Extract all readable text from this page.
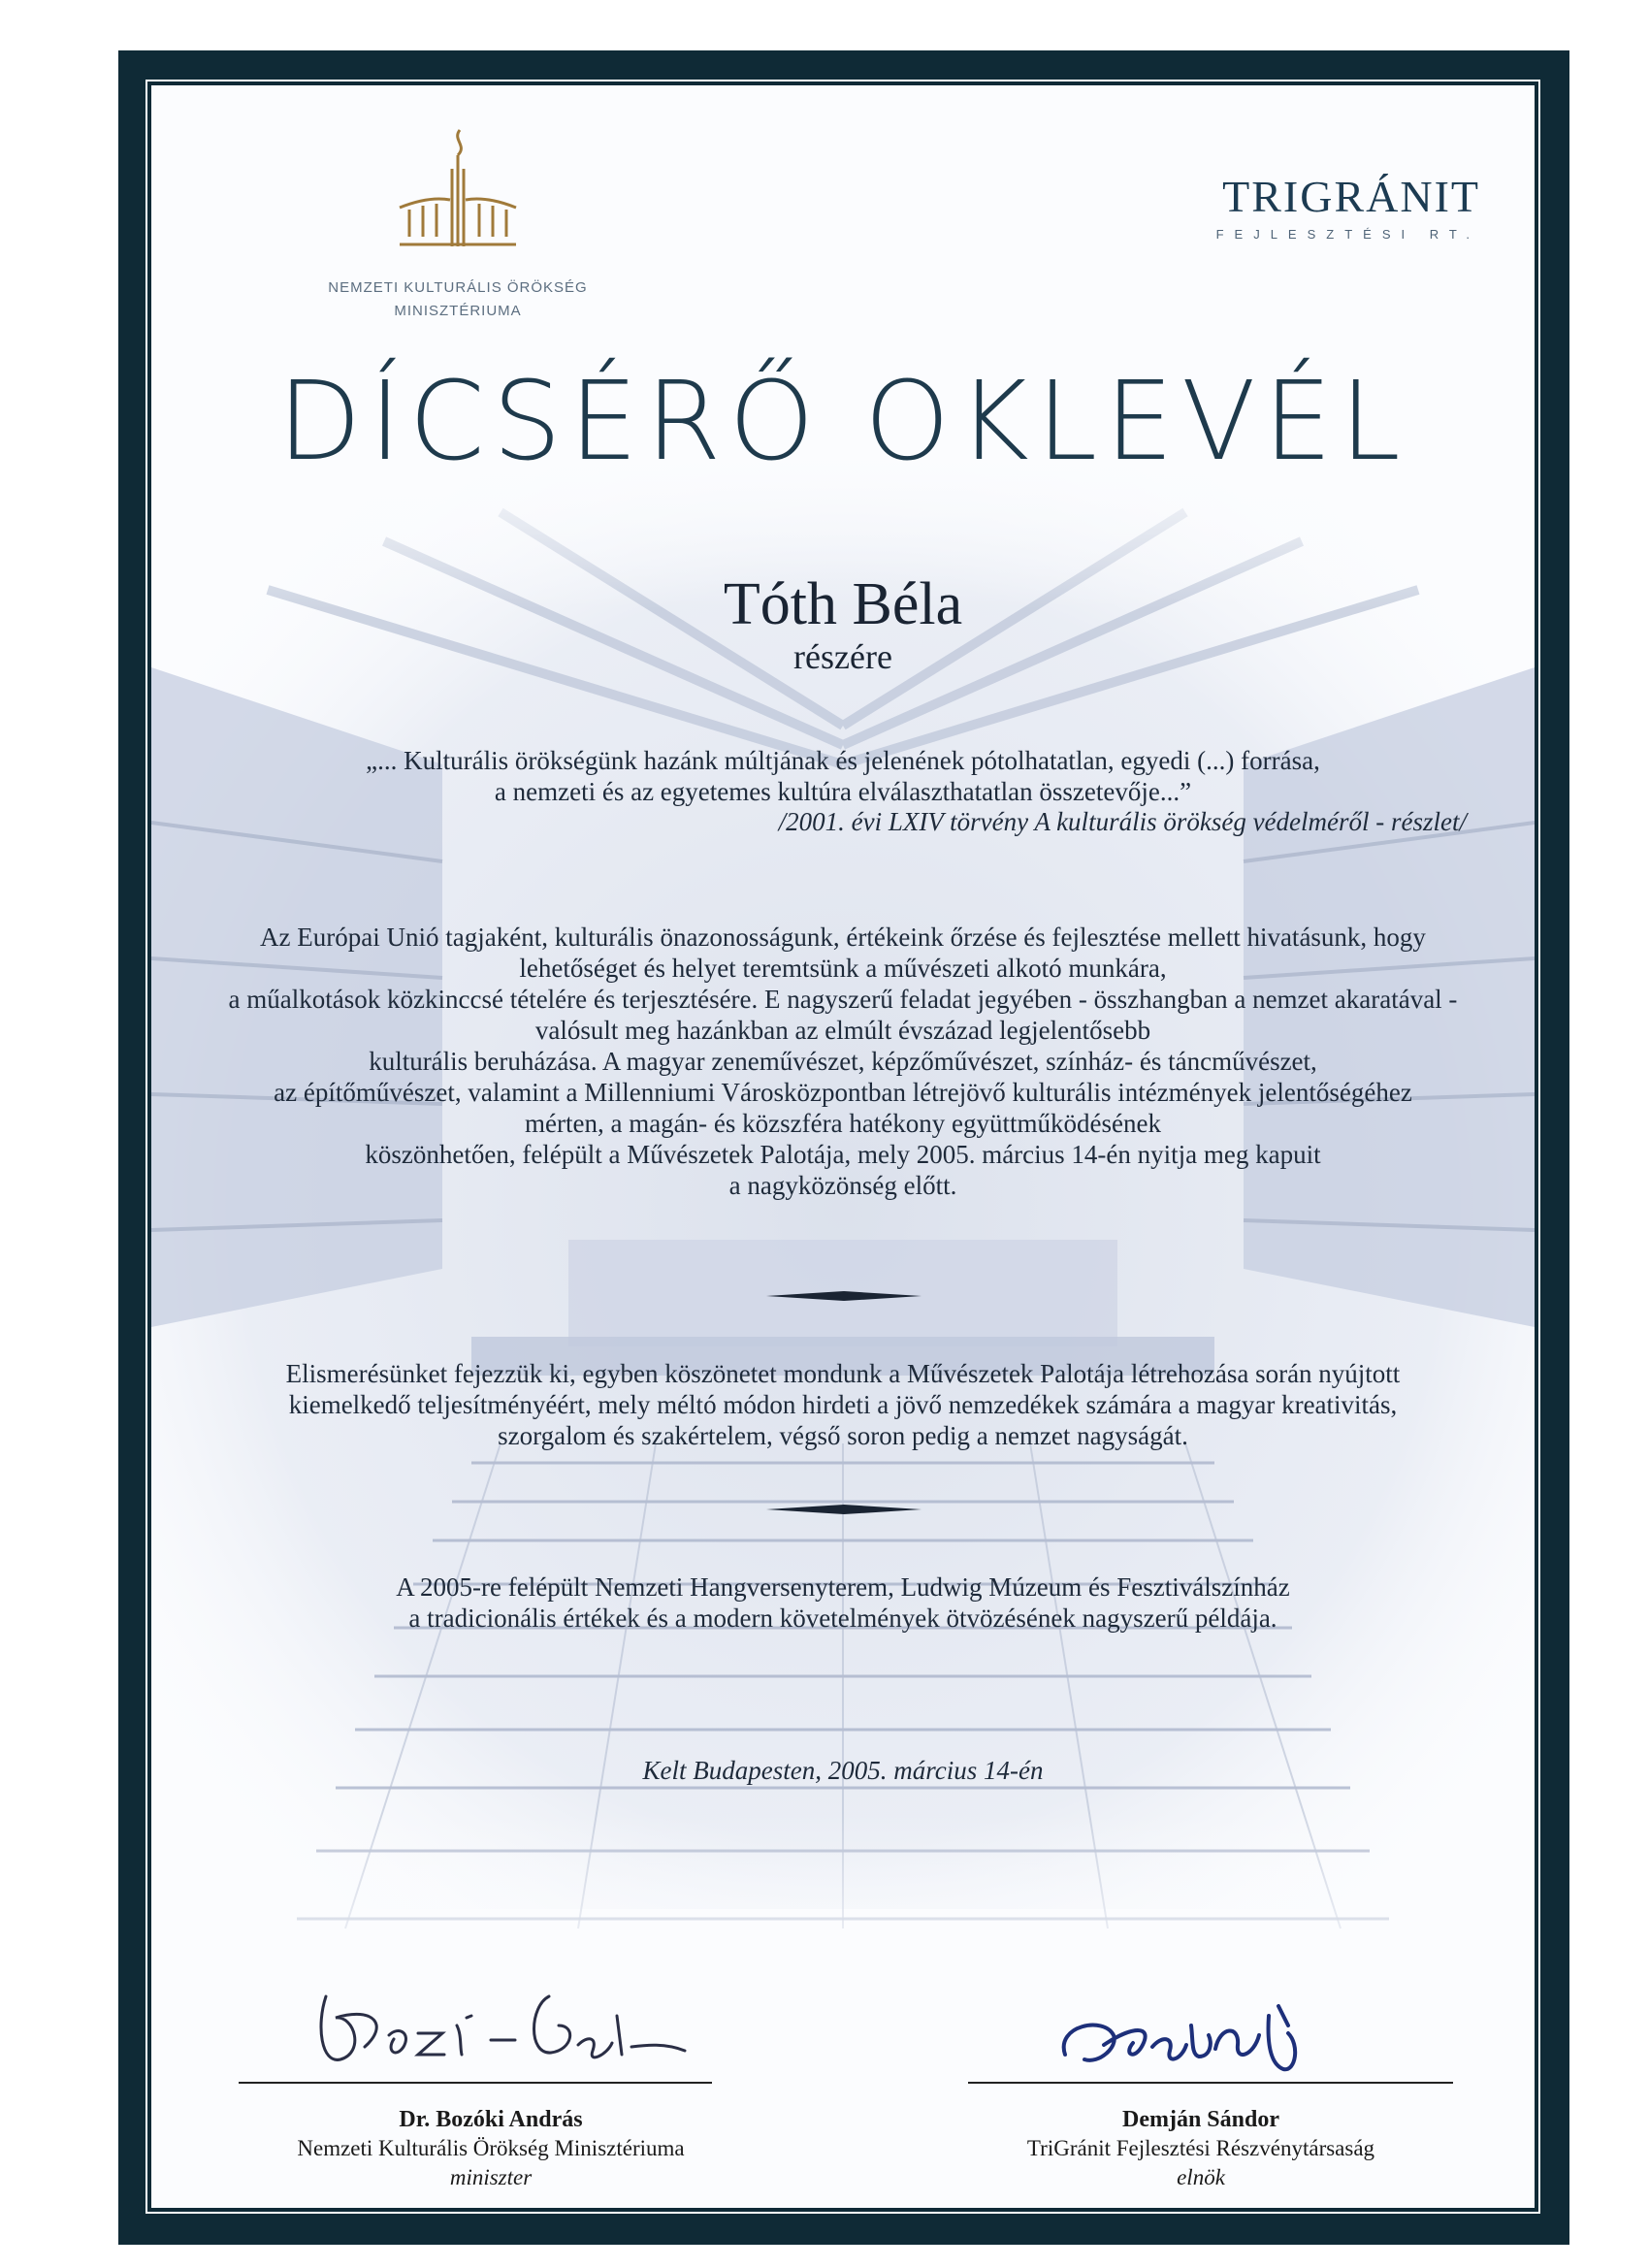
NEMZETI KULTURÁLIS ÖRÖKSÉG
MINISZTÉRIUMA
TRIGRÁNIT
FEJLESZTÉSI RT.
DÍCSÉRŐ OKLEVÉL
Tóth Béla
részére
„... Kulturális örökségünk hazánk múltjának és jelenének pótolhatatlan, egyedi (...) forrása,
a nemzeti és az egyetemes kultúra elválaszthatatlan összetevője...”
/2001. évi LXIV törvény A kulturális örökség védelméről - részlet/
Az Európai Unió tagjaként, kulturális önazonosságunk, értékeink őrzése és fejlesztése mellett hivatásunk, hogy
lehetőséget és helyet teremtsünk a művészeti alkotó munkára,
a műalkotások közkinccsé tételére és terjesztésére. E nagyszerű feladat jegyében - összhangban a nemzet akaratával -
valósult meg hazánkban az elmúlt évszázad legjelentősebb
kulturális beruházása. A magyar zeneművészet, képzőművészet, színház- és táncművészet,
az építőművészet, valamint a Millenniumi Városközpontban létrejövő kulturális intézmények jelentőségéhez
mérten, a magán- és közszféra hatékony együttműködésének
köszönhetően, felépült a Művészetek Palotája, mely 2005. március 14-én nyitja meg kapuit
a nagyközönség előtt.
Elismerésünket fejezzük ki, egyben köszönetet mondunk a Művészetek Palotája létrehozása során nyújtott
kiemelkedő teljesítményéért, mely méltó módon hirdeti a jövő nemzedékek számára a magyar kreativitás,
szorgalom és szakértelem, végső soron pedig a nemzet nagyságát.
A 2005-re felépült Nemzeti Hangversenyterem, Ludwig Múzeum és Fesztiválszínház
a tradicionális értékek és a modern követelmények ötvözésének nagyszerű példája.
Kelt Budapesten, 2005. március 14-én
Dr. Bozóki András
Nemzeti Kulturális Örökség Minisztériuma
miniszter
Demján Sándor
TriGránit Fejlesztési Részvénytársaság
elnök
